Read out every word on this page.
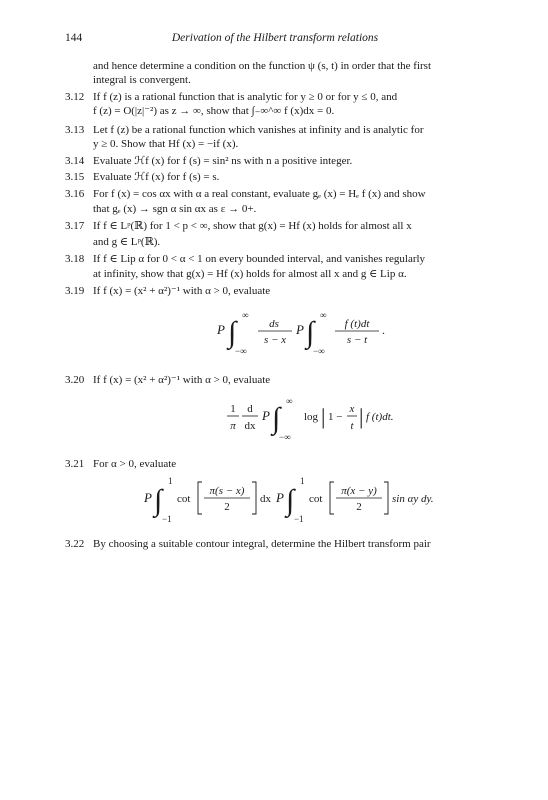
144	Derivation of the Hilbert transform relations
and hence determine a condition on the function ψ (s, t) in order that the first
integral is convergent.
3.12 If f (z) is a rational function that is analytic for y ≥ 0 or for y ≤ 0, and
f (z) = O(|z|⁻²) as z → ∞, show that ∫₋∞^∞ f (x)dx = 0.
3.13 Let f (z) be a rational function which vanishes at infinity and is analytic for
y ≥ 0. Show that Hf (x) = −if (x).
3.14 Evaluate ℋf (x) for f (s) = sin² ns with n a positive integer.
3.15 Evaluate ℋf (x) for f (s) = s.
3.16 For f (x) = cos αx with α a real constant, evaluate gₑ (x) = Hₑ f (x) and show
that gₑ (x) → sgn α sin αx as ε → 0+.
3.17 If f ∈ Lᵖ(ℝ) for 1 < p < ∞, show that g(x) = Hf (x) holds for almost all x
and g ∈ Lᵖ(ℝ).
3.18 If f ∈ Lip α for 0 < α < 1 on every bounded interval, and vanishes regularly
at infinity, show that g(x) = Hf (x) holds for almost all x and g ∈ Lip α.
3.19 If f (x) = (x² + α²)⁻¹ with α > 0, evaluate
P ∫
∞
−∞
ds
s − x
P ∫
∞
−∞
f (t)dt
s − t
.
3.20 If f (x) = (x² + α²)⁻¹ with α > 0, evaluate
1
π
d
dx
P ∫
∞
−∞
log | 1 −
x
t | f (t)dt.
3.21 For α > 0, evaluate
P ∫
1
−1
cot
π(s − x)
2
dx P ∫
1
−1
cot
π(x − y)
2
sin αy dy.
3.22 By choosing a suitable contour integral, determine the Hilbert transform pair
